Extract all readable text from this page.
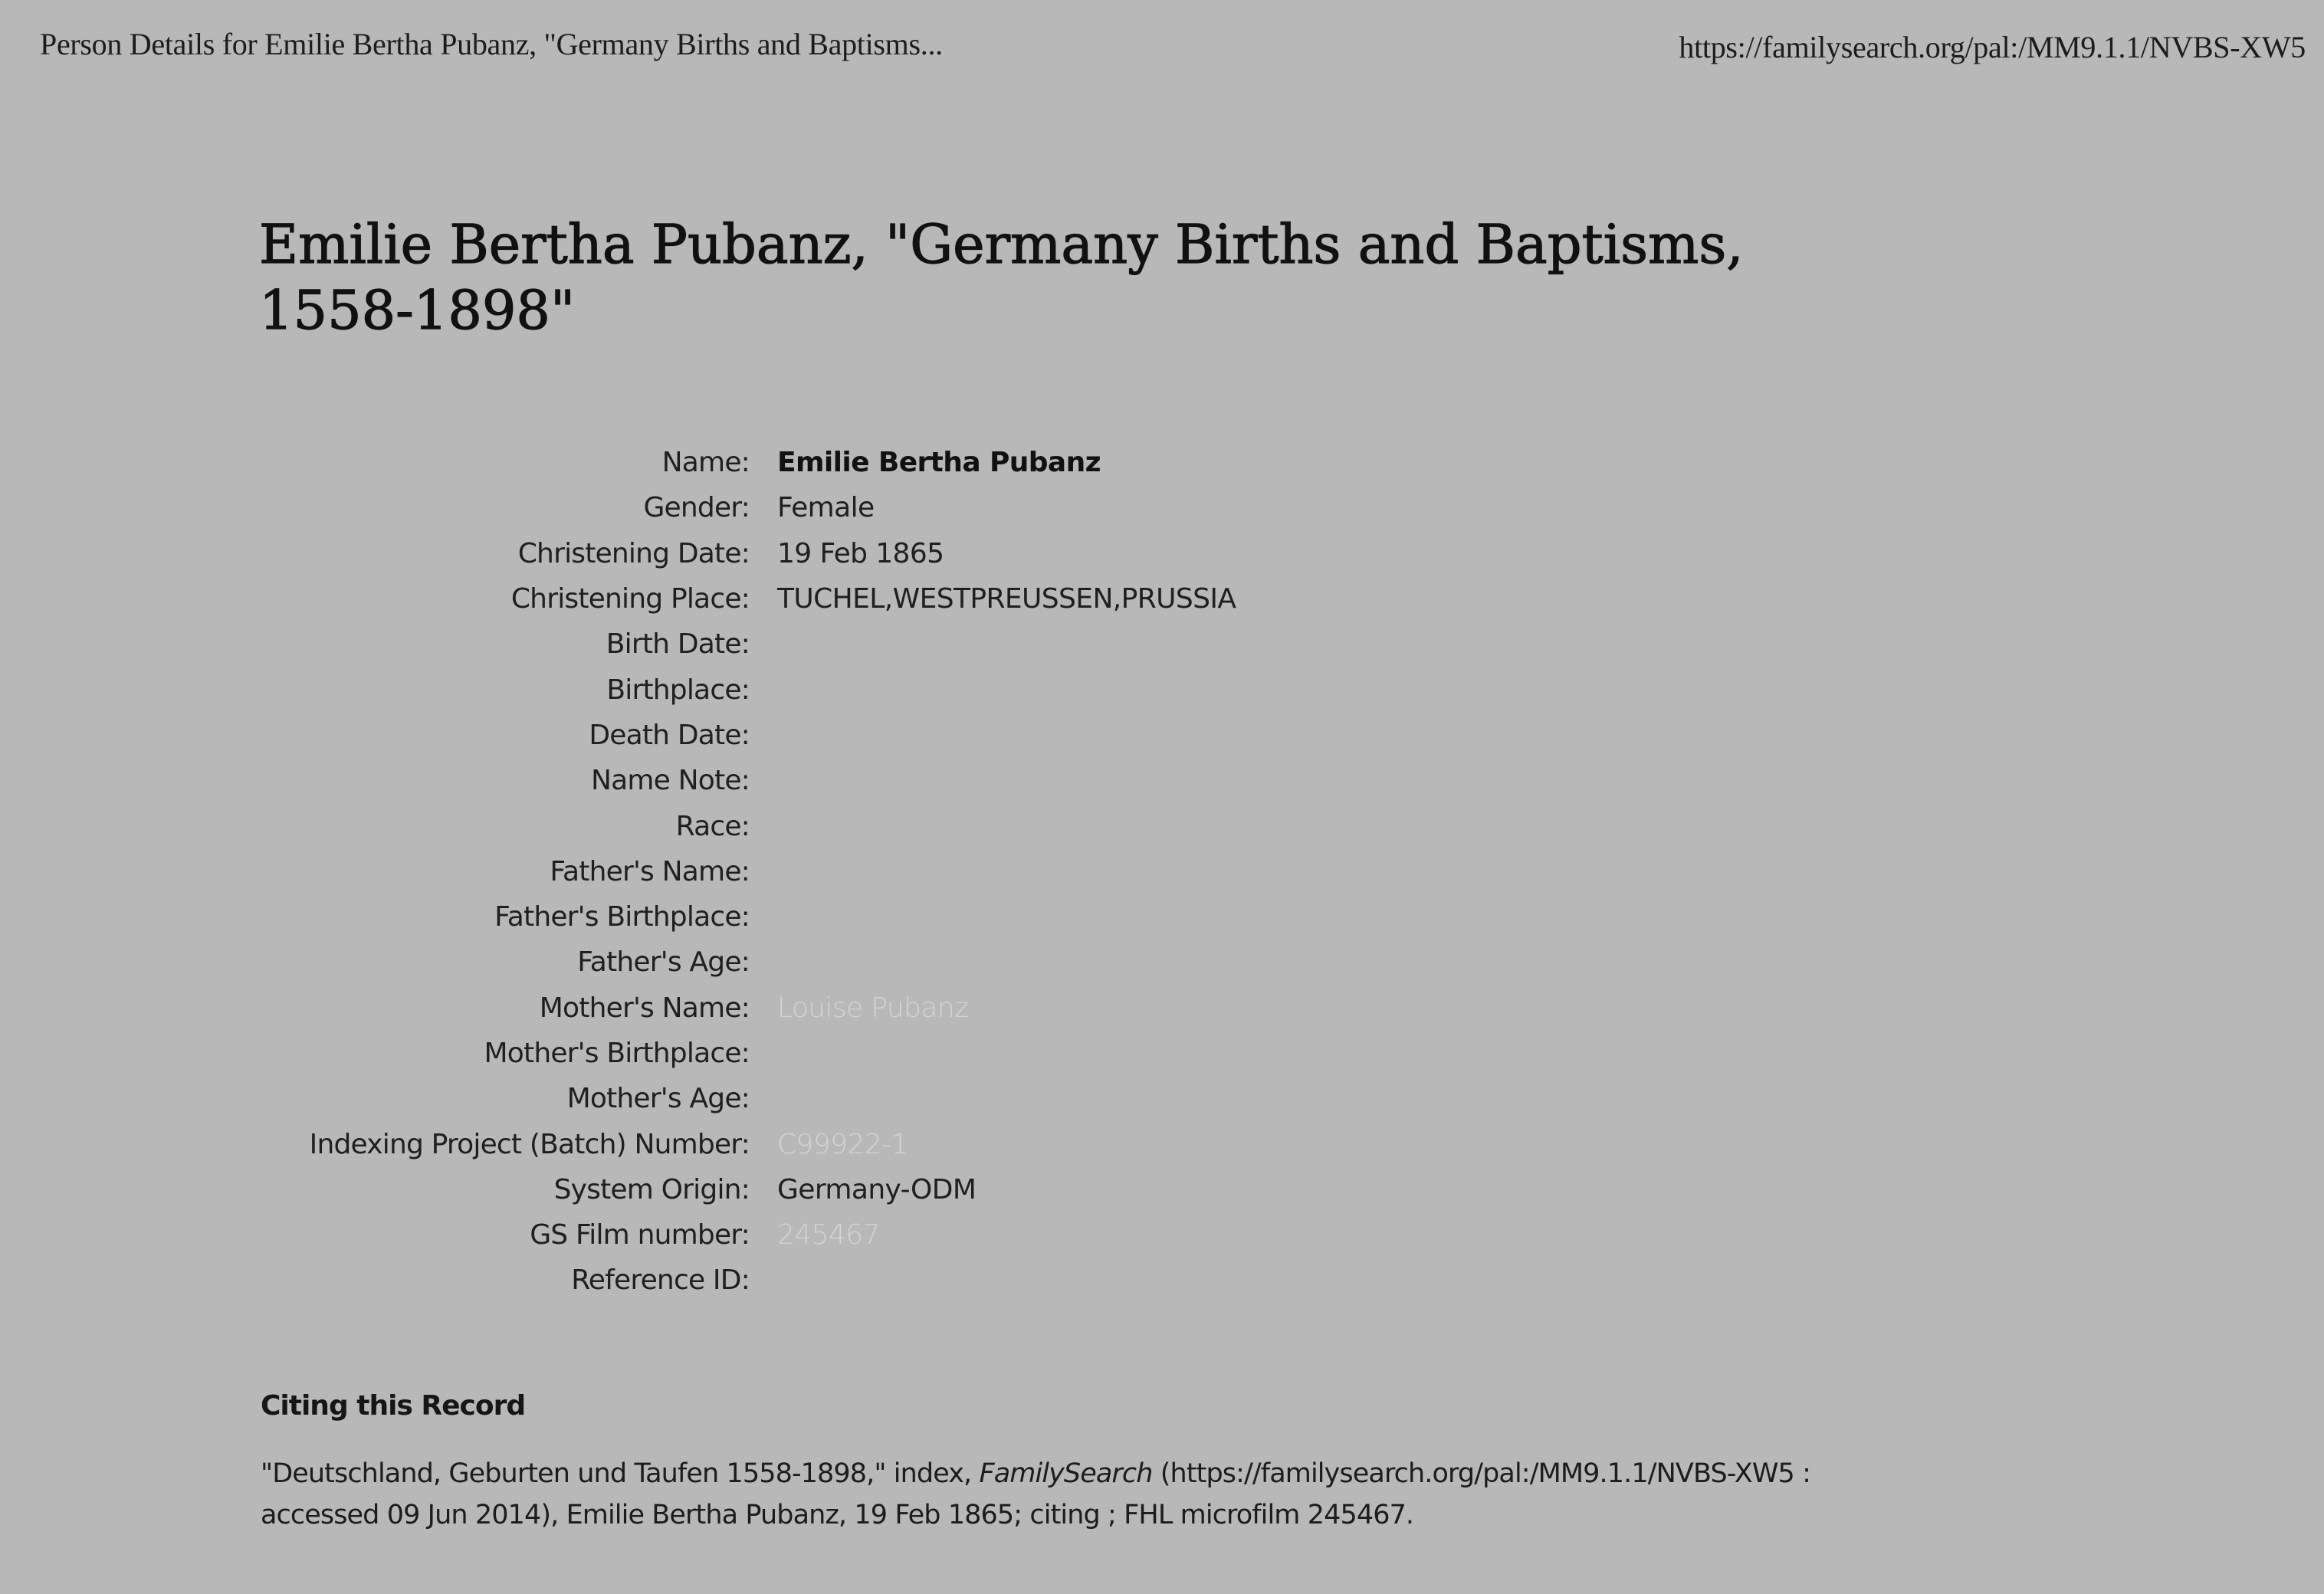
Person Details for Emilie Bertha Pubanz, "Germany Births and Baptisms...	https://familysearch.org/pal:/MM9.1.1/NVBS-XW5
Emilie Bertha Pubanz, "Germany Births and Baptisms,
1558-1898"
Name:	Emilie Bertha Pubanz
Gender:	Female
Christening Date:	19 Feb 1865
Christening Place:	TUCHEL,WESTPREUSSEN,PRUSSIA
Birth Date:
Birthplace:
Death Date:
Name Note:
Race:
Father's Name:
Father's Birthplace:
Father's Age:
Mother's Name:	Louise Pubanz
Mother's Birthplace:
Mother's Age:
Indexing Project (Batch) Number:	C99922-1
System Origin:	Germany-ODM
GS Film number:	245467
Reference ID:
Citing this Record
"Deutschland, Geburten und Taufen 1558-1898," index, FamilySearch (https://familysearch.org/pal:/MM9.1.1/NVBS-XW5 :
accessed 09 Jun 2014), Emilie Bertha Pubanz, 19 Feb 1865; citing ; FHL microfilm 245467.
